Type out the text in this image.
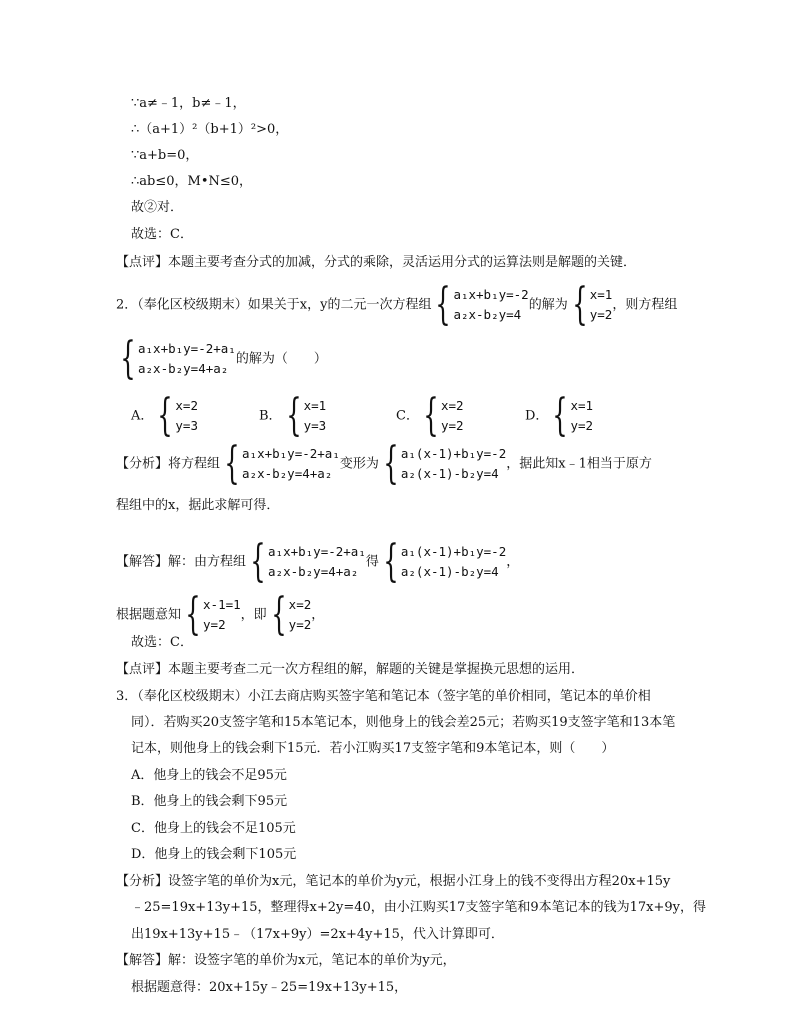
∵a≠﹣1，b≠﹣1，
∴（a+1）²（b+1）²>0，
∵a+b=0，
∴ab≤0，M•N≤0，
故②对．
故选：C．
【点评】本题主要考查分式的加减，分式的乘除，灵活运用分式的运算法则是解题的关键．
2．（奉化区校级期末）如果关于x，y的二元一次方程组 { a₁x+b₁y=-2
a₂x-b₂y=4
的解为 { x=1
y=2
，则方程组
{ a₁x+b₁y=-2+a₁
a₂x-b₂y=4+a₂
的解为（　　）
A． { x=2
y=3
B． { x=1
y=3
C． { x=2
y=2
D． { x=1
y=2
【分析】将方程组 { a₁x+b₁y=-2+a₁
a₂x-b₂y=4+a₂
变形为 { a₁(x-1)+b₁y=-2
a₂(x-1)-b₂y=4
，据此知x﹣1相当于原方
程组中的x，据此求解可得．
【解答】解：由方程组 { a₁x+b₁y=-2+a₁
a₂x-b₂y=4+a₂
得 { a₁(x-1)+b₁y=-2
a₂(x-1)-b₂y=4
，
根据题意知 { x-1=1
y=2
，即 { x=2
y=2
，
故选：C．
【点评】本题主要考查二元一次方程组的解，解题的关键是掌握换元思想的运用．
3．（奉化区校级期末）小江去商店购买签字笔和笔记本（签字笔的单价相同，笔记本的单价相
同）．若购买20支签字笔和15本笔记本，则他身上的钱会差25元；若购买19支签字笔和13本笔
记本，则他身上的钱会剩下15元．若小江购买17支签字笔和9本笔记本，则（　　）
A．他身上的钱会不足95元
B．他身上的钱会剩下95元
C．他身上的钱会不足105元
D．他身上的钱会剩下105元
【分析】设签字笔的单价为x元，笔记本的单价为y元，根据小江身上的钱不变得出方程20x+15y
﹣25=19x+13y+15，整理得x+2y=40，由小江购买17支签字笔和9本笔记本的钱为17x+9y，得
出19x+13y+15﹣（17x+9y）=2x+4y+15，代入计算即可．
【解答】解：设签字笔的单价为x元，笔记本的单价为y元，
根据题意得：20x+15y﹣25=19x+13y+15，
